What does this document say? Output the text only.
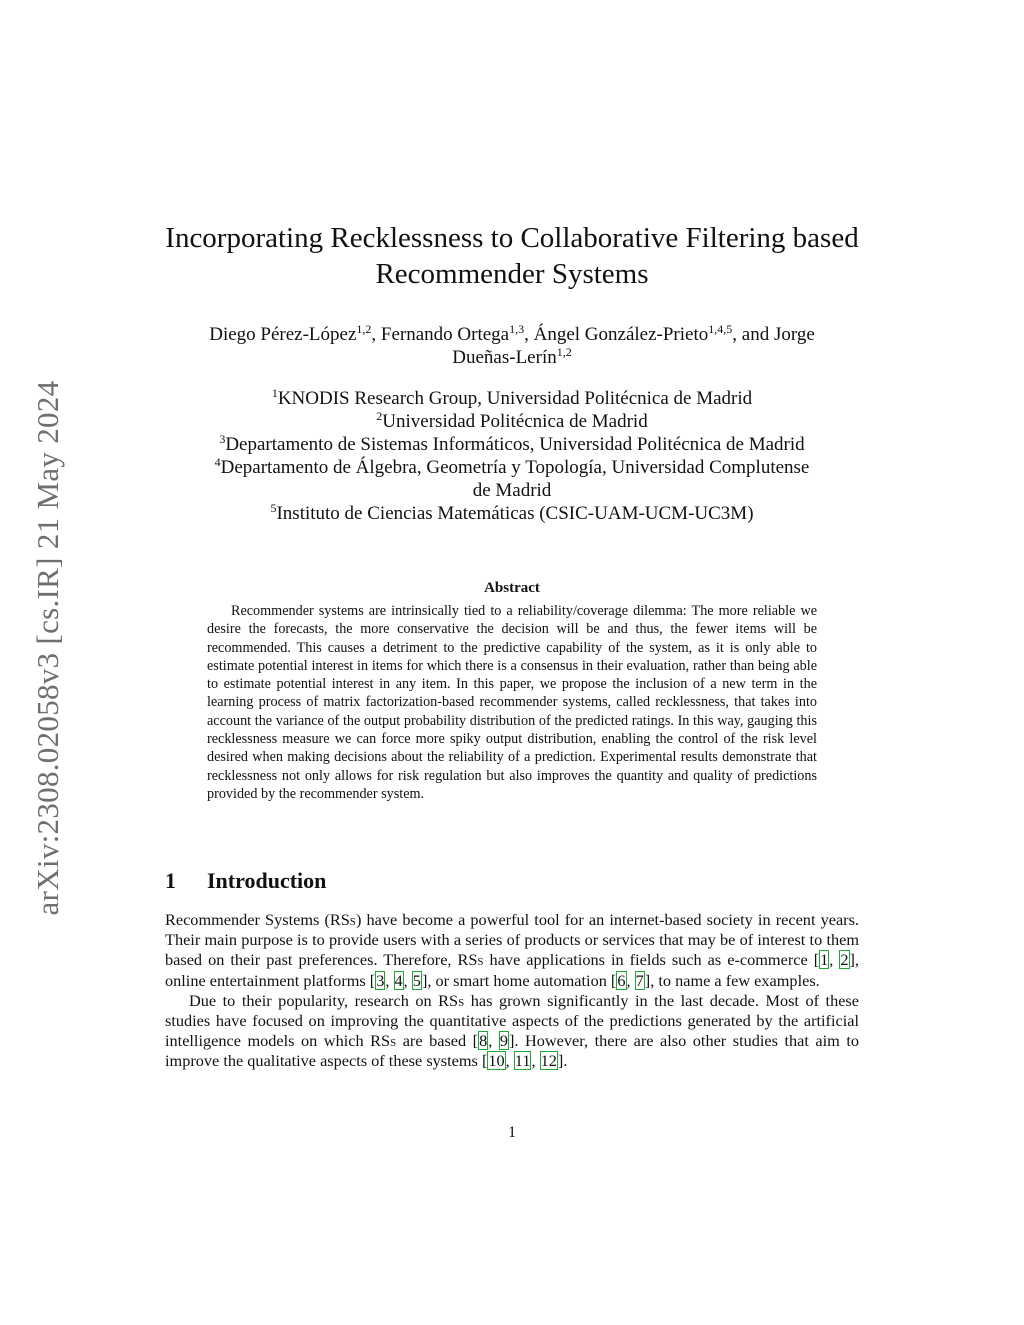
arXiv:2308.02058v3 [cs.IR] 21 May 2024
Incorporating Recklessness to Collaborative Filtering based
Recommender Systems
Diego Pérez-López$^{1,2}$, Fernando Ortega$^{1,3}$, Ángel González-Prieto$^{1,4,5}$, and Jorge
Dueñas-Lerín$^{1,2}$
$^1$KNODIS Research Group, Universidad Politécnica de Madrid
$^2$Universidad Politécnica de Madrid
$^3$Departamento de Sistemas Informáticos, Universidad Politécnica de Madrid
$^4$Departamento de Álgebra, Geometría y Topología, Universidad Complutense
de Madrid
$^5$Instituto de Ciencias Matemáticas (CSIC-UAM-UCM-UC3M)
Abstract
Recommender systems are intrinsically tied to a reliability/coverage dilemma: The more reliable we desire the forecasts, the more conservative the decision will be and thus, the fewer items will be recommended. This causes a detriment to the predictive capability of the system, as it is only able to estimate potential interest in items for which there is a consensus in their evaluation, rather than being able to estimate potential interest in any item. In this paper, we propose the inclusion of a new term in the learning process of matrix factorization-based recommender systems, called recklessness, that takes into account the variance of the output probability distribution of the predicted ratings. In this way, gauging this recklessness measure we can force more spiky output distribution, enabling the control of the risk level desired when making decisions about the reliability of a prediction. Experimental results demonstrate that recklessness not only allows for risk regulation but also improves the quantity and quality of predictions provided by the recommender system.
1 Introduction

Recommender Systems (RSs) have become a powerful tool for an internet-based society in recent years. Their main purpose is to provide users with a series of products or services that may be of interest to them based on their past preferences. Therefore, RSs have applications in fields such as e-commerce [1, 2], online entertainment platforms [3, 4, 5], or smart home automation [6, 7], to name a few examples.

Due to their popularity, research on RSs has grown significantly in the last decade. Most of these studies have focused on improving the quantitative aspects of the predictions generated by the artificial intelligence models on which RSs are based [8, 9]. However, there are also other studies that aim to improve the qualitative aspects of these systems [10, 11, 12].

1
